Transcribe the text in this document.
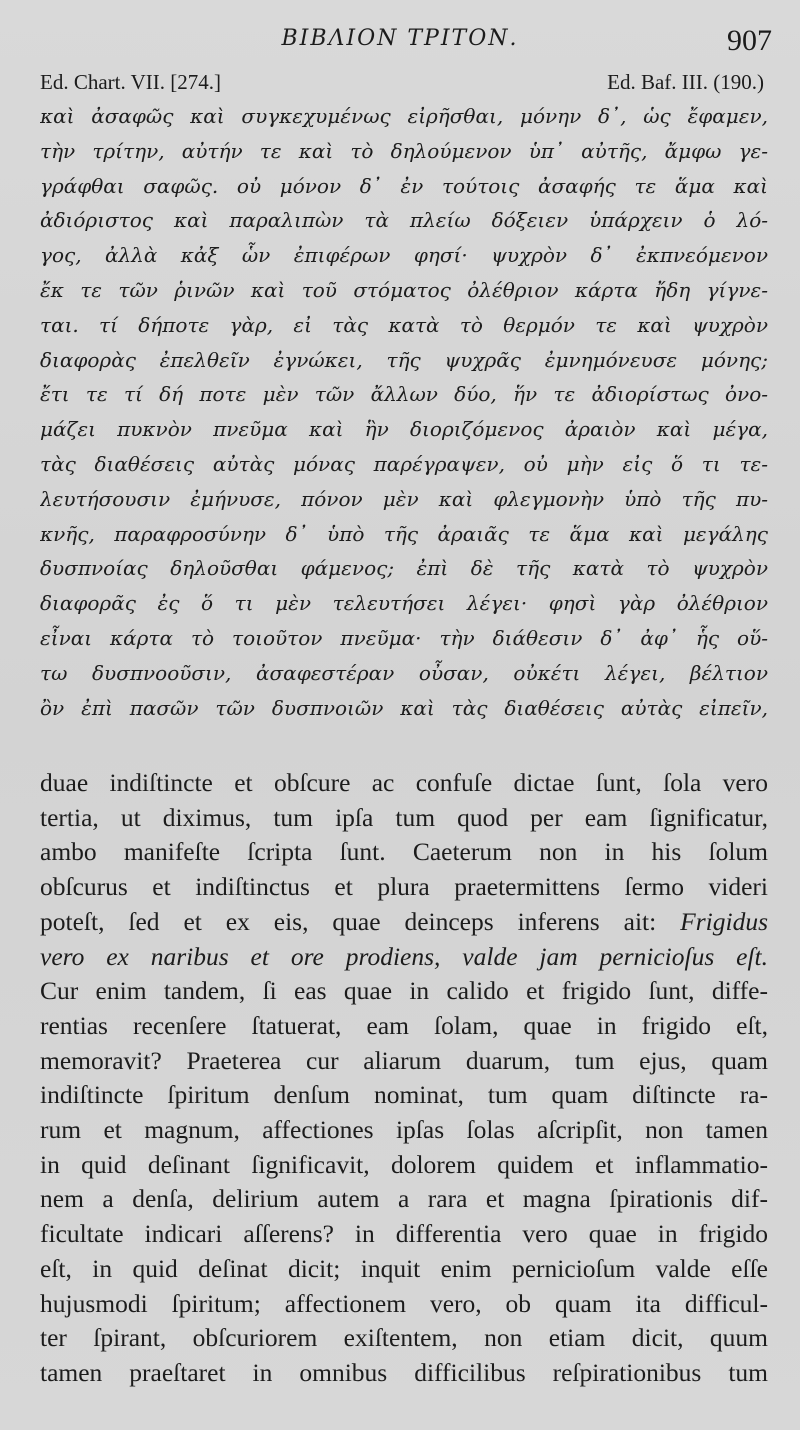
ΒΙΒΛΙΟΝ ΤΡΙΤΟΝ.	907
Ed. Chart. VII. [274.]	Ed. Baf. III. (190.)
καὶ ἀσαφῶς καὶ συγκεχυμένως εἰρῆσθαι, μόνην δ᾽, ὡς ἔφαμεν,
τὴν τρίτην, αὐτήν τε καὶ τὸ δηλούμενον ὑπ᾽ αὐτῆς, ἄμφω γε-
γράφθαι σαφῶς. οὐ μόνον δ᾽ ἐν τούτοις ἀσαφής τε ἅμα καὶ
ἀδιόριστος καὶ παραλιπὼν τὰ πλείω δόξειεν ὑπάρχειν ὁ λό-
γος, ἀλλὰ κἀξ ὧν ἐπιφέρων φησί· ψυχρὸν δ᾽ ἐκπνεόμενον
ἔκ τε τῶν ῥινῶν καὶ τοῦ στόματος ὀλέθριον κάρτα ἤδη γίγνε-
ται. τί δήποτε γὰρ, εἰ τὰς κατὰ τὸ θερμόν τε καὶ ψυχρὸν
διαφορὰς ἐπελθεῖν ἐγνώκει, τῆς ψυχρᾶς ἐμνημόνευσε μόνης;
ἔτι τε τί δή ποτε μὲν τῶν ἄλλων δύο, ἥν τε ἀδιορίστως ὀνο-
μάζει πυκνὸν πνεῦμα καὶ ἣν διοριζόμενος ἀραιὸν καὶ μέγα,
τὰς διαθέσεις αὐτὰς μόνας παρέγραψεν, οὐ μὴν εἰς ὅ τι τε-
λευτήσουσιν ἐμήνυσε, πόνον μὲν καὶ φλεγμονὴν ὑπὸ τῆς πυ-
κνῆς, παραφροσύνην δ᾽ ὑπὸ τῆς ἀραιᾶς τε ἅμα καὶ μεγάλης
δυσπνοίας δηλοῦσθαι φάμενος; ἐπὶ δὲ τῆς κατὰ τὸ ψυχρὸν
διαφορᾶς ἐς ὅ τι μὲν τελευτήσει λέγει· φησὶ γὰρ ὀλέθριον
εἶναι κάρτα τὸ τοιοῦτον πνεῦμα· τὴν διάθεσιν δ᾽ ἀφ᾽ ἧς οὕ-
τω δυσπνοοῦσιν, ἀσαφεστέραν οὖσαν, οὐκέτι λέγει, βέλτιον
ὂν ἐπὶ πασῶν τῶν δυσπνοιῶν καὶ τὰς διαθέσεις αὐτὰς εἰπεῖν,
duae indiſtincte et obſcure ac confuſe dictae ſunt, ſola vero
tertia, ut diximus, tum ipſa tum quod per eam ſignificatur,
ambo manifeſte ſcripta ſunt. Caeterum non in his ſolum
obſcurus et indiſtinctus et plura praetermittens ſermo videri
poteſt, ſed et ex eis, quae deinceps inferens ait: Frigidus
vero ex naribus et ore prodiens, valde jam pernicioſus eſt.
Cur enim tandem, ſi eas quae in calido et frigido ſunt, diffe-
rentias recenſere ſtatuerat, eam ſolam, quae in frigido eſt,
memoravit? Praeterea cur aliarum duarum, tum ejus, quam
indiſtincte ſpiritum denſum nominat, tum quam diſtincte ra-
rum et magnum, affectiones ipſas ſolas aſcripſit, non tamen
in quid deſinant ſignificavit, dolorem quidem et inflammatio-
nem a denſa, delirium autem a rara et magna ſpirationis dif-
ficultate indicari aſſerens? in differentia vero quae in frigido
eſt, in quid deſinat dicit; inquit enim pernicioſum valde eſſe
hujusmodi ſpiritum; affectionem vero, ob quam ita difficul-
ter ſpirant, obſcuriorem exiſtentem, non etiam dicit, quum
tamen praeſtaret in omnibus difficilibus reſpirationibus tum
